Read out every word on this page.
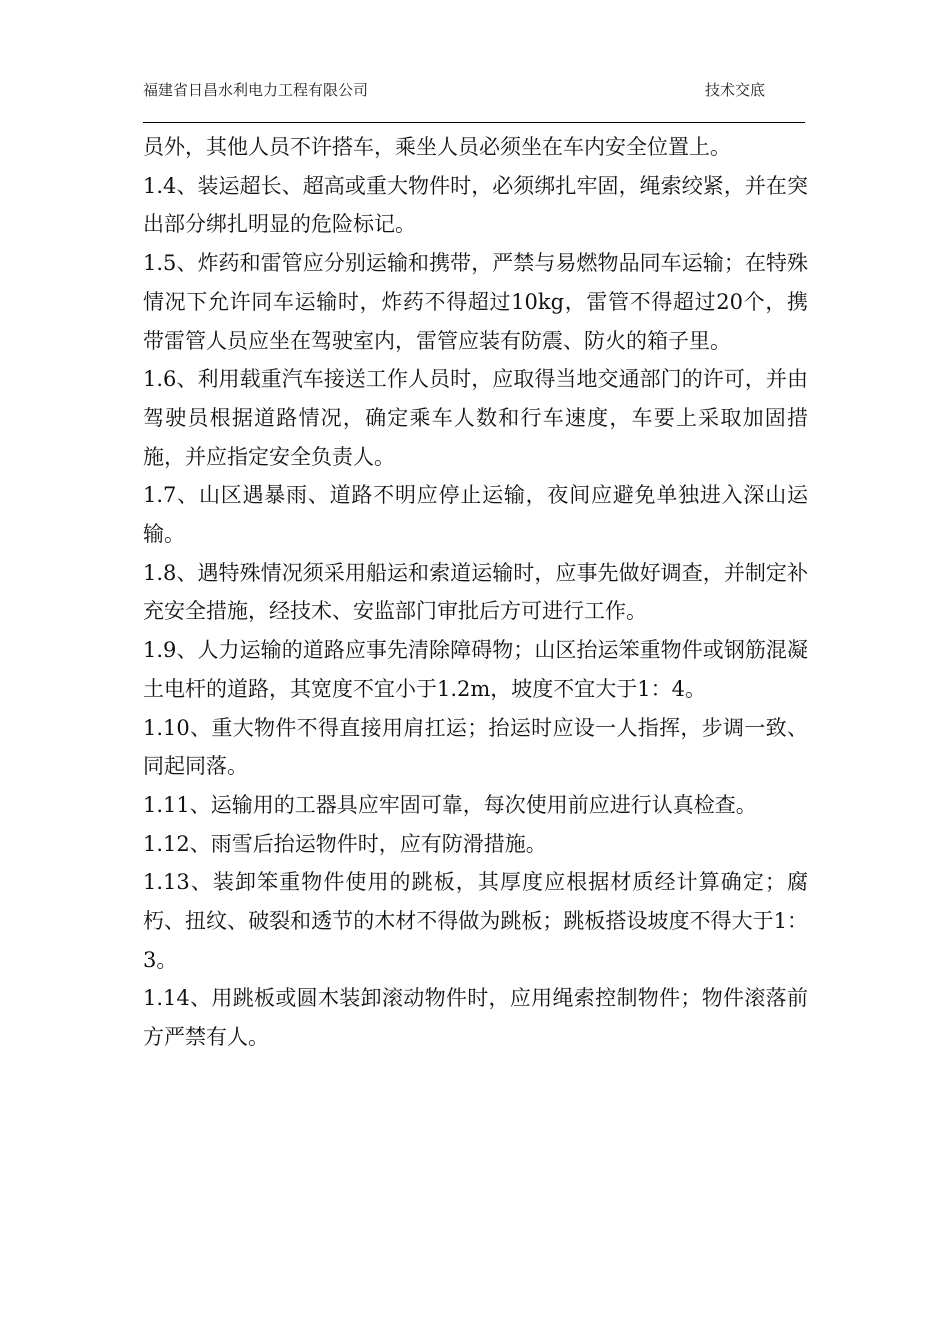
福建省日昌水利电力工程有限公司	技术交底

员外，其他人员不许搭车，乘坐人员必须坐在车内安全位置上。

1.4、装运超长、超高或重大物件时，必须绑扎牢固，绳索绞紧，并在突出部分绑扎明显的危险标记。

1.5、炸药和雷管应分别运输和携带，严禁与易燃物品同车运输；在特殊情况下允许同车运输时，炸药不得超过10kg，雷管不得超过20个，携带雷管人员应坐在驾驶室内，雷管应装有防震、防火的箱子里。

1.6、利用载重汽车接送工作人员时，应取得当地交通部门的许可，并由驾驶员根据道路情况，确定乘车人数和行车速度，车要上采取加固措施，并应指定安全负责人。

1.7、山区遇暴雨、道路不明应停止运输，夜间应避免单独进入深山运输。

1.8、遇特殊情况须采用船运和索道运输时，应事先做好调查，并制定补充安全措施，经技术、安监部门审批后方可进行工作。

1.9、人力运输的道路应事先清除障碍物；山区抬运笨重物件或钢筋混凝土电杆的道路，其宽度不宜小于1.2m，坡度不宜大于1：4。

1.10、重大物件不得直接用肩扛运；抬运时应设一人指挥，步调一致、同起同落。

1.11、运输用的工器具应牢固可靠，每次使用前应进行认真检查。

1.12、雨雪后抬运物件时，应有防滑措施。

1.13、装卸笨重物件使用的跳板，其厚度应根据材质经计算确定；腐朽、扭纹、破裂和透节的木材不得做为跳板；跳板搭设坡度不得大于1：3。

1.14、用跳板或圆木装卸滚动物件时，应用绳索控制物件；物件滚落前方严禁有人。
